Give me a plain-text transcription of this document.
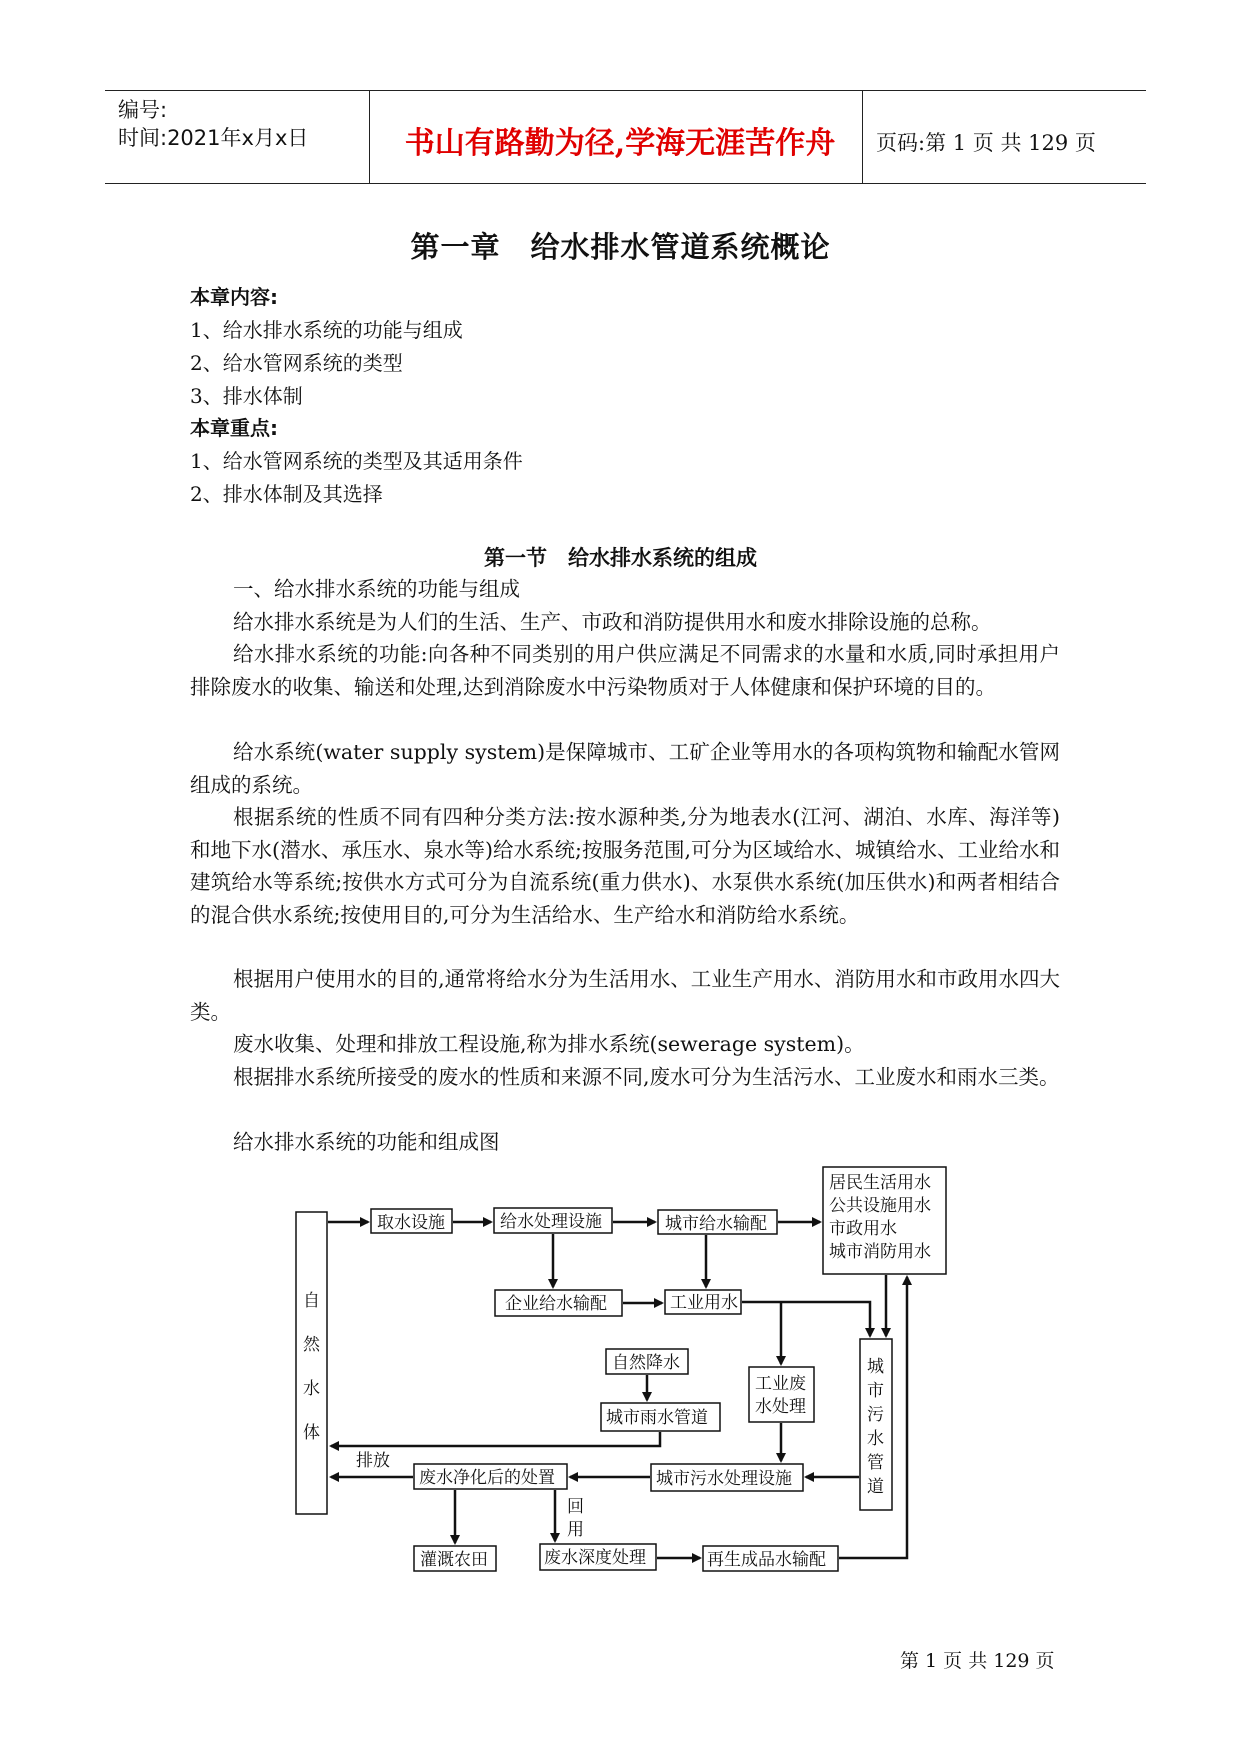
编号:
时间:2021年x月x日	书山有路勤为径,学海无涯苦作舟	页码:第 1 页 共 129 页
第一章　给水排水管道系统概论
本章内容:
1、给水排水系统的功能与组成
2、给水管网系统的类型
3、排水体制
本章重点:
1、给水管网系统的类型及其适用条件
2、排水体制及其选择
第一节　给水排水系统的组成
一、给水排水系统的功能与组成
给水排水系统是为人们的生活、生产、市政和消防提供用水和废水排除设施的总称。
给水排水系统的功能:向各种不同类别的用户供应满足不同需求的水量和水质,同时承担用户排除废水的收集、输送和处理,达到消除废水中污染物质对于人体健康和保护环境的目的。
给水系统(water supply system)是保障城市、工矿企业等用水的各项构筑物和输配水管网组成的系统。
根据系统的性质不同有四种分类方法:按水源种类,分为地表水(江河、湖泊、水库、海洋等)和地下水(潜水、承压水、泉水等)给水系统;按服务范围,可分为区域给水、城镇给水、工业给水和建筑给水等系统;按供水方式可分为自流系统(重力供水)、水泵供水系统(加压供水)和两者相结合的混合供水系统;按使用目的,可分为生活给水、生产给水和消防给水系统。
根据用户使用水的目的,通常将给水分为生活用水、工业生产用水、消防用水和市政用水四大类。
废水收集、处理和排放工程设施,称为排水系统(sewerage system)。
根据排水系统所接受的废水的性质和来源不同,废水可分为生活污水、工业废水和雨水三类。
给水排水系统的功能和组成图
自
然
水
体
取水设施	给水处理设施	城市给水输配
居民生活用水
公共设施用水
市政用水
城市消防用水
企业给水输配	工业用水
自然降水
城市雨水管道
工业废
水处理
城
市
污
水
管
道
排放
废水净化后的处置	城市污水处理设施
回
用
灌溉农田	废水深度处理	再生成品水输配
第 1 页 共 129 页
